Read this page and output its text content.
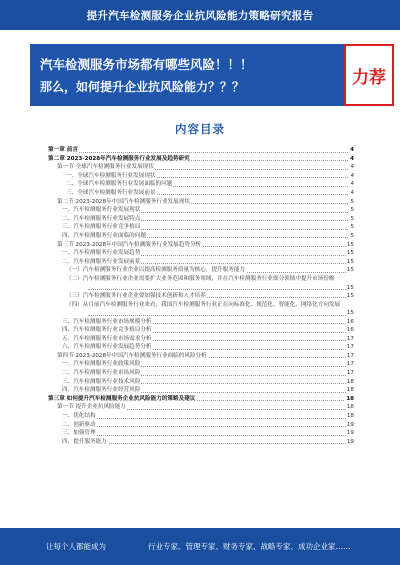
提升汽车检测服务企业抗风险能力策略研究报告
汽车检测服务市场都有哪些风险！！！
那么，如何提升企业抗风险能力？？？	力荐
内容目录
第一章 前言	4
第二章 2023-2028年汽车检测服务行业发展及趋势研究	4
第一节 全球汽车检测服务行业发展现状	4
一、全球汽车检测服务行业发展现状	4
二、全球汽车检测服务行业发展面临的问题	4
三、全球汽车检测服务行业发展前景	4
第二节 2023-2028年中国汽车检测服务行业发展现状	5
一、汽车检测服务行业发展现状	5
二、汽车检测服务行业发展特点	5
三、汽车检测服务行业竞争格局	5
四、汽车检测服务行业面临的问题	5
第三节 2023-2028年中国汽车检测服务行业发展趋势分析	15
一、汽车检测服务行业发展趋势	15
二、汽车检测服务行业发展前景	15
（一）汽车检测服务行业企业以提高检测服务质量为核心，提升服务能力	15
（二）汽车检测服务行业企业需要扩大业务范围和服务领域，并在汽车检测服务行业细分领域中提升市场份额
15
（三）汽车检测服务行业企业要加强技术创新和人才培养	15
（四）从目前汽车检测服务行业来看，我国汽车检测服务行业正在向标准化、规范化、智能化、网络化方向发展
15
三、汽车检测服务行业市场规模分析	16
四、汽车检测服务行业竞争格局分析	16
五、汽车检测服务行业市场需求分析	17
六、汽车检测服务行业发展趋势分析	17
第四节 2023-2028年中国汽车检测服务行业面临的风险分析	17
一、汽车检测服务行业政策风险	17
二、汽车检测服务行业市场风险	17
三、汽车检测服务行业技术风险	18
四、汽车检测服务行业经营风险	18
第三章 如何提升汽车检测服务企业抗风险能力的策略及建议	18
第一节 提升企业抗风险能力	18
一、优化结构	18
二、创新驱动	19
三、加强管理	19
四、提升服务能力	19
让每个人都能成为	行业专家、管理专家、财务专家、战略专家、成功企业家……
